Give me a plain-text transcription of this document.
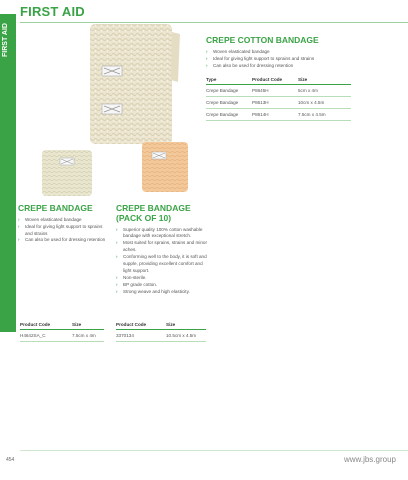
FIRST AID
FIRST AID	CREPE COTTON BANDAGE
› Woven elasticated bandage
› Ideal for giving light support to sprains and strains
› Can also be used for dressing retention
Type	Product Code	Size
Crepe Bandage	P8645H	5cm x 4m
Crepe Bandage	P8613H	10cm x 4.5m
Crepe Bandage	P8614H	7.5cm x 4.5m
CREPE BANDAGE
› Woven elasticated bandage
› Ideal for giving light support to sprains and strains
› Can also be used for dressing retention
CREPE BANDAGE
(PACK OF 10)
› Superior quality 100% cotton washable bandage with exceptional stretch.
› Most suited for sprains, strains and minor aches.
› Conforming well to the body, it is soft and supple, providing excellent comfort and light support.
› Non-sterile.
› BP grade cotton.
› Strong weave and high elasticity.
Product Code	Size
H4642SA_C	7.5cm x 4m
Product Code	Size
3370134	10.5cm x 4.5m
454	www.jbs.group
